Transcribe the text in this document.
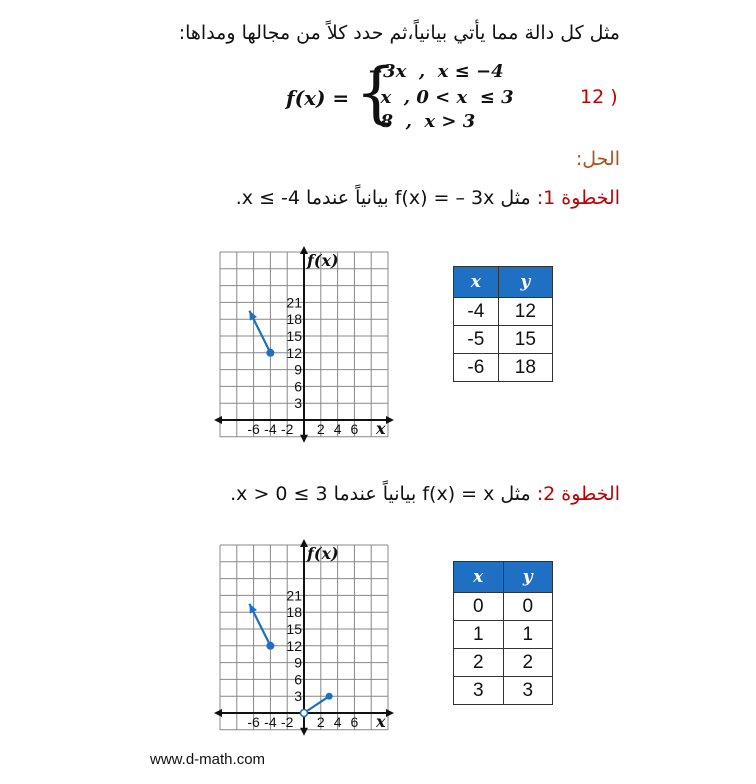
مثل كل دالة مما يأتي بيانياً،ثم حدد كلاً من مجالها ومداها:
12 )
f(x) = {
−3x  ,  x ≤ −4
x  , 0 < x  ≤ 3
8  ,  x > 3
الحل:
الخطوة 1: مثل f(x) = – 3x بيانياً عندما 4- ≥ x.
21
18
15
12
9
6
3
-6 -4 -2 2 4 6
f(x)
x
x	y
-4	12
-5	15
-6	18
الخطوة 2: مثل f(x) = x بيانياً عندما 3 ≥ x > 0.
21
18
15
12
9
6
3
-6 -4 -2 2 4 6
f(x)
x
x	y
0	0
1	1
2	2
3	3
www.d-math.com
